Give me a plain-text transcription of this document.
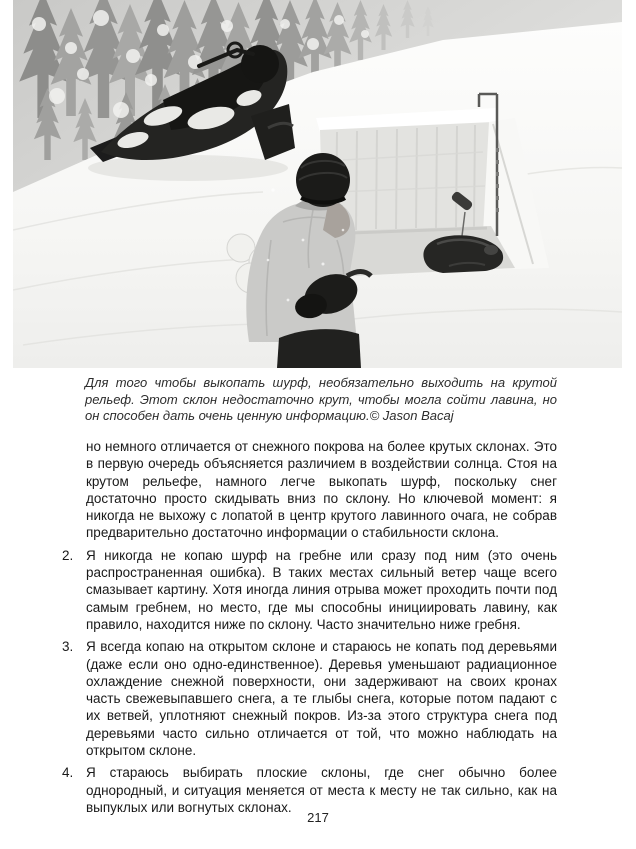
Для того чтобы выкопать шурф, необязательно выходить на крутой рельеф. Этот склон недостаточно крут, чтобы могла сойти лавина, но он способен дать очень ценную информацию.© Jason Bacaj

но немного отличается от снежного покрова на более крутых склонах. Это в первую очередь объясняется различием в воздействии солнца. Стоя на крутом рельефе, намного легче выкопать шурф, поскольку снег достаточно просто скидывать вниз по склону. Но ключевой момент: я никогда не выхожу с лопатой в центр крутого лавинного очага, не собрав предварительно достаточно информации о стабильности склона.

2. Я никогда не копаю шурф на гребне или сразу под ним (это очень распространенная ошибка). В таких местах сильный ветер чаще всего смазывает картину. Хотя иногда линия отрыва может проходить почти под самым гребнем, но место, где мы способны инициировать лавину, как правило, находится ниже по склону. Часто значительно ниже гребня.
3. Я всегда копаю на открытом склоне и стараюсь не копать под деревьями (даже если оно одно-единственное). Деревья уменьшают радиационное охлаждение снежной поверхности, они задерживают на своих кронах часть свежевыпавшего снега, а те глыбы снега, которые потом падают с их ветвей, уплотняют снежный покров. Из-за этого структура снега под деревьями часто сильно отличается от той, что можно наблюдать на открытом склоне.
4. Я стараюсь выбирать плоские склоны, где снег обычно более однородный, и ситуация меняется от места к месту не так сильно, как на выпуклых или вогнутых склонах.
217
